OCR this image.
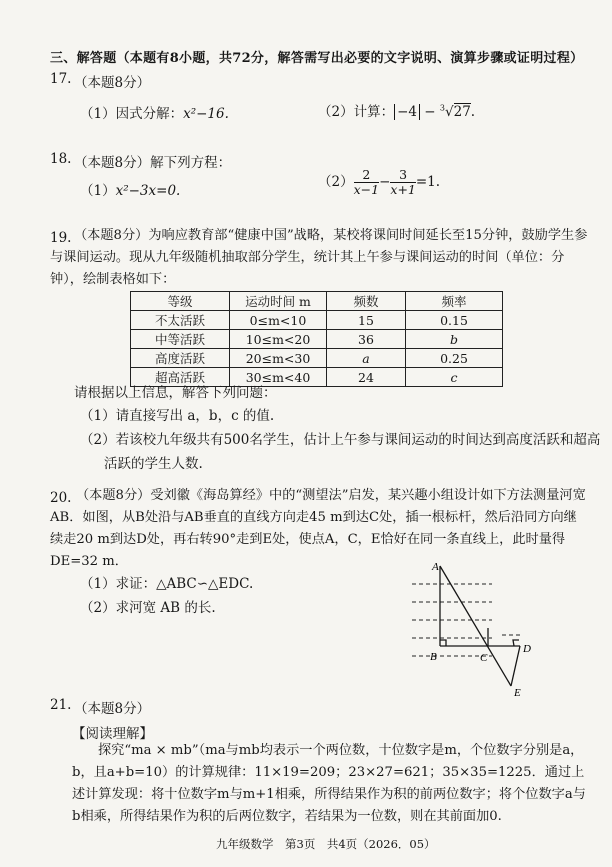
三、解答题（本题有8小题，共72分，解答需写出必要的文字说明、演算步骤或证明过程）
17. （本题8分）
（1）因式分解：x²−16.	（2）计算： −4 − $^3$√27.
18. （本题8分）解下列方程：
（1）x²−3x=0.
$(2) \frac{2}{x-1} - \frac{3}{x+1} =1$.
19. （本题8分）为响应教育部“健康中国”战略，某校将课间时间延长至15分钟，鼓励学生参与课间运动。现从九年级随机抽取部分学生，统计其上午参与课间运动的时间（单位：分钟），绘制表格如下：
等级	运动时间 m	频数	频率
不太活跃	0≤m<10	15	0.15
中等活跃	10≤m<20	36	b
高度活跃	20≤m<30	a	0.25
超高活跃	30≤m<40	24	c
请根据以上信息，解答下列问题：
（1）请直接写出 a，b，c 的值.
（2）若该校九年级共有500名学生，估计上午参与课间运动的时间达到高度活跃和超高
活跃的学生人数.
20. （本题8分）受刘徽《海岛算经》中的“测望法”启发，某兴趣小组设计如下方法测量河宽AB．如图，从B处沿与AB垂直的直线方向走45 m到达C处，插一根标杆，然后沿同方向继续走20 m到达D处，再右转90°走到E处，使点A，C，E恰好在同一条直线上，此时量得DE=32 m．
（1）求证：△ABC∽△EDC.
（2）求河宽 AB 的长.
A
B	C
D
E
21. （本题8分）
【阅读理解】
探究“ma × mb”（ma与mb均表示一个两位数，十位数字是m，个位数字分别是a，b，且a+b=10）的计算规律：11×19=209；23×27=621；35×35=1225．通过上述计算发现：将十位数字m与m+1相乘，所得结果作为积的前两位数字；将个位数字a与b相乘，所得结果作为积的后两位数字，若结果为一位数，则在其前面加0.
九年级数学　第3页　共4页（2026．05）
